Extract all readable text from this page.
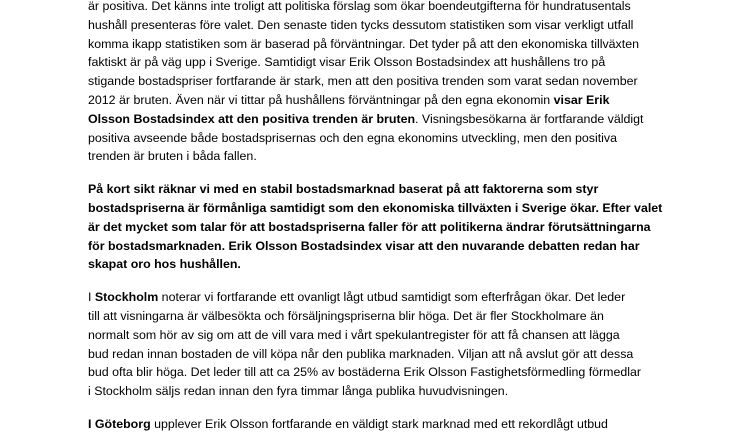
är positiva. Det känns inte troligt att politiska förslag som ökar boendeutgifterna för hundratusentals
hushåll presenteras före valet. Den senaste tiden tycks dessutom statistiken som visar verkligt utfall
komma ikapp statistiken som är baserad på förväntningar. Det tyder på att den ekonomiska tillväxten
faktiskt är på väg upp i Sverige. Samtidigt visar Erik Olsson Bostadsindex att hushållens tro på
stigande bostadspriser fortfarande är stark, men att den positiva trenden som varat sedan november
2012 är bruten. Även när vi tittar på hushållens förväntningar på den egna ekonomin visar Erik
Olsson Bostadsindex att den positiva trenden är bruten. Visningsbesökarna är fortfarande väldigt
positiva avseende både bostadsprisernas och den egna ekonomins utveckling, men den positiva
trenden är bruten i båda fallen.
På kort sikt räknar vi med en stabil bostadsmarknad baserat på att faktorerna som styr
bostadspriserna är förmånliga samtidigt som den ekonomiska tillväxten i Sverige ökar. Efter valet
är det mycket som talar för att bostadspriserna faller för att politikerna ändrar förutsättningarna
för bostadsmarknaden. Erik Olsson Bostadsindex visar att den nuvarande debatten redan har
skapat oro hos hushållen.
I Stockholm noterar vi fortfarande ett ovanligt lågt utbud samtidigt som efterfrågan ökar. Det leder
till att visningarna är välbesökta och försäljningspriserna blir höga. Det är fler Stockholmare än
normalt som hör av sig om att de vill vara med i vårt spekulantregister för att få chansen att lägga
bud redan innan bostaden de vill köpa når den publika marknaden. Viljan att nå avslut gör att dessa
bud ofta blir höga. Det leder till att ca 25% av bostäderna Erik Olsson Fastighetsförmedling förmedlar
i Stockholm säljs redan innan den fyra timmar långa publika huvudvisningen.
I Göteborg upplever Erik Olsson fortfarande en väldigt stark marknad med ett rekordlågt utbud
